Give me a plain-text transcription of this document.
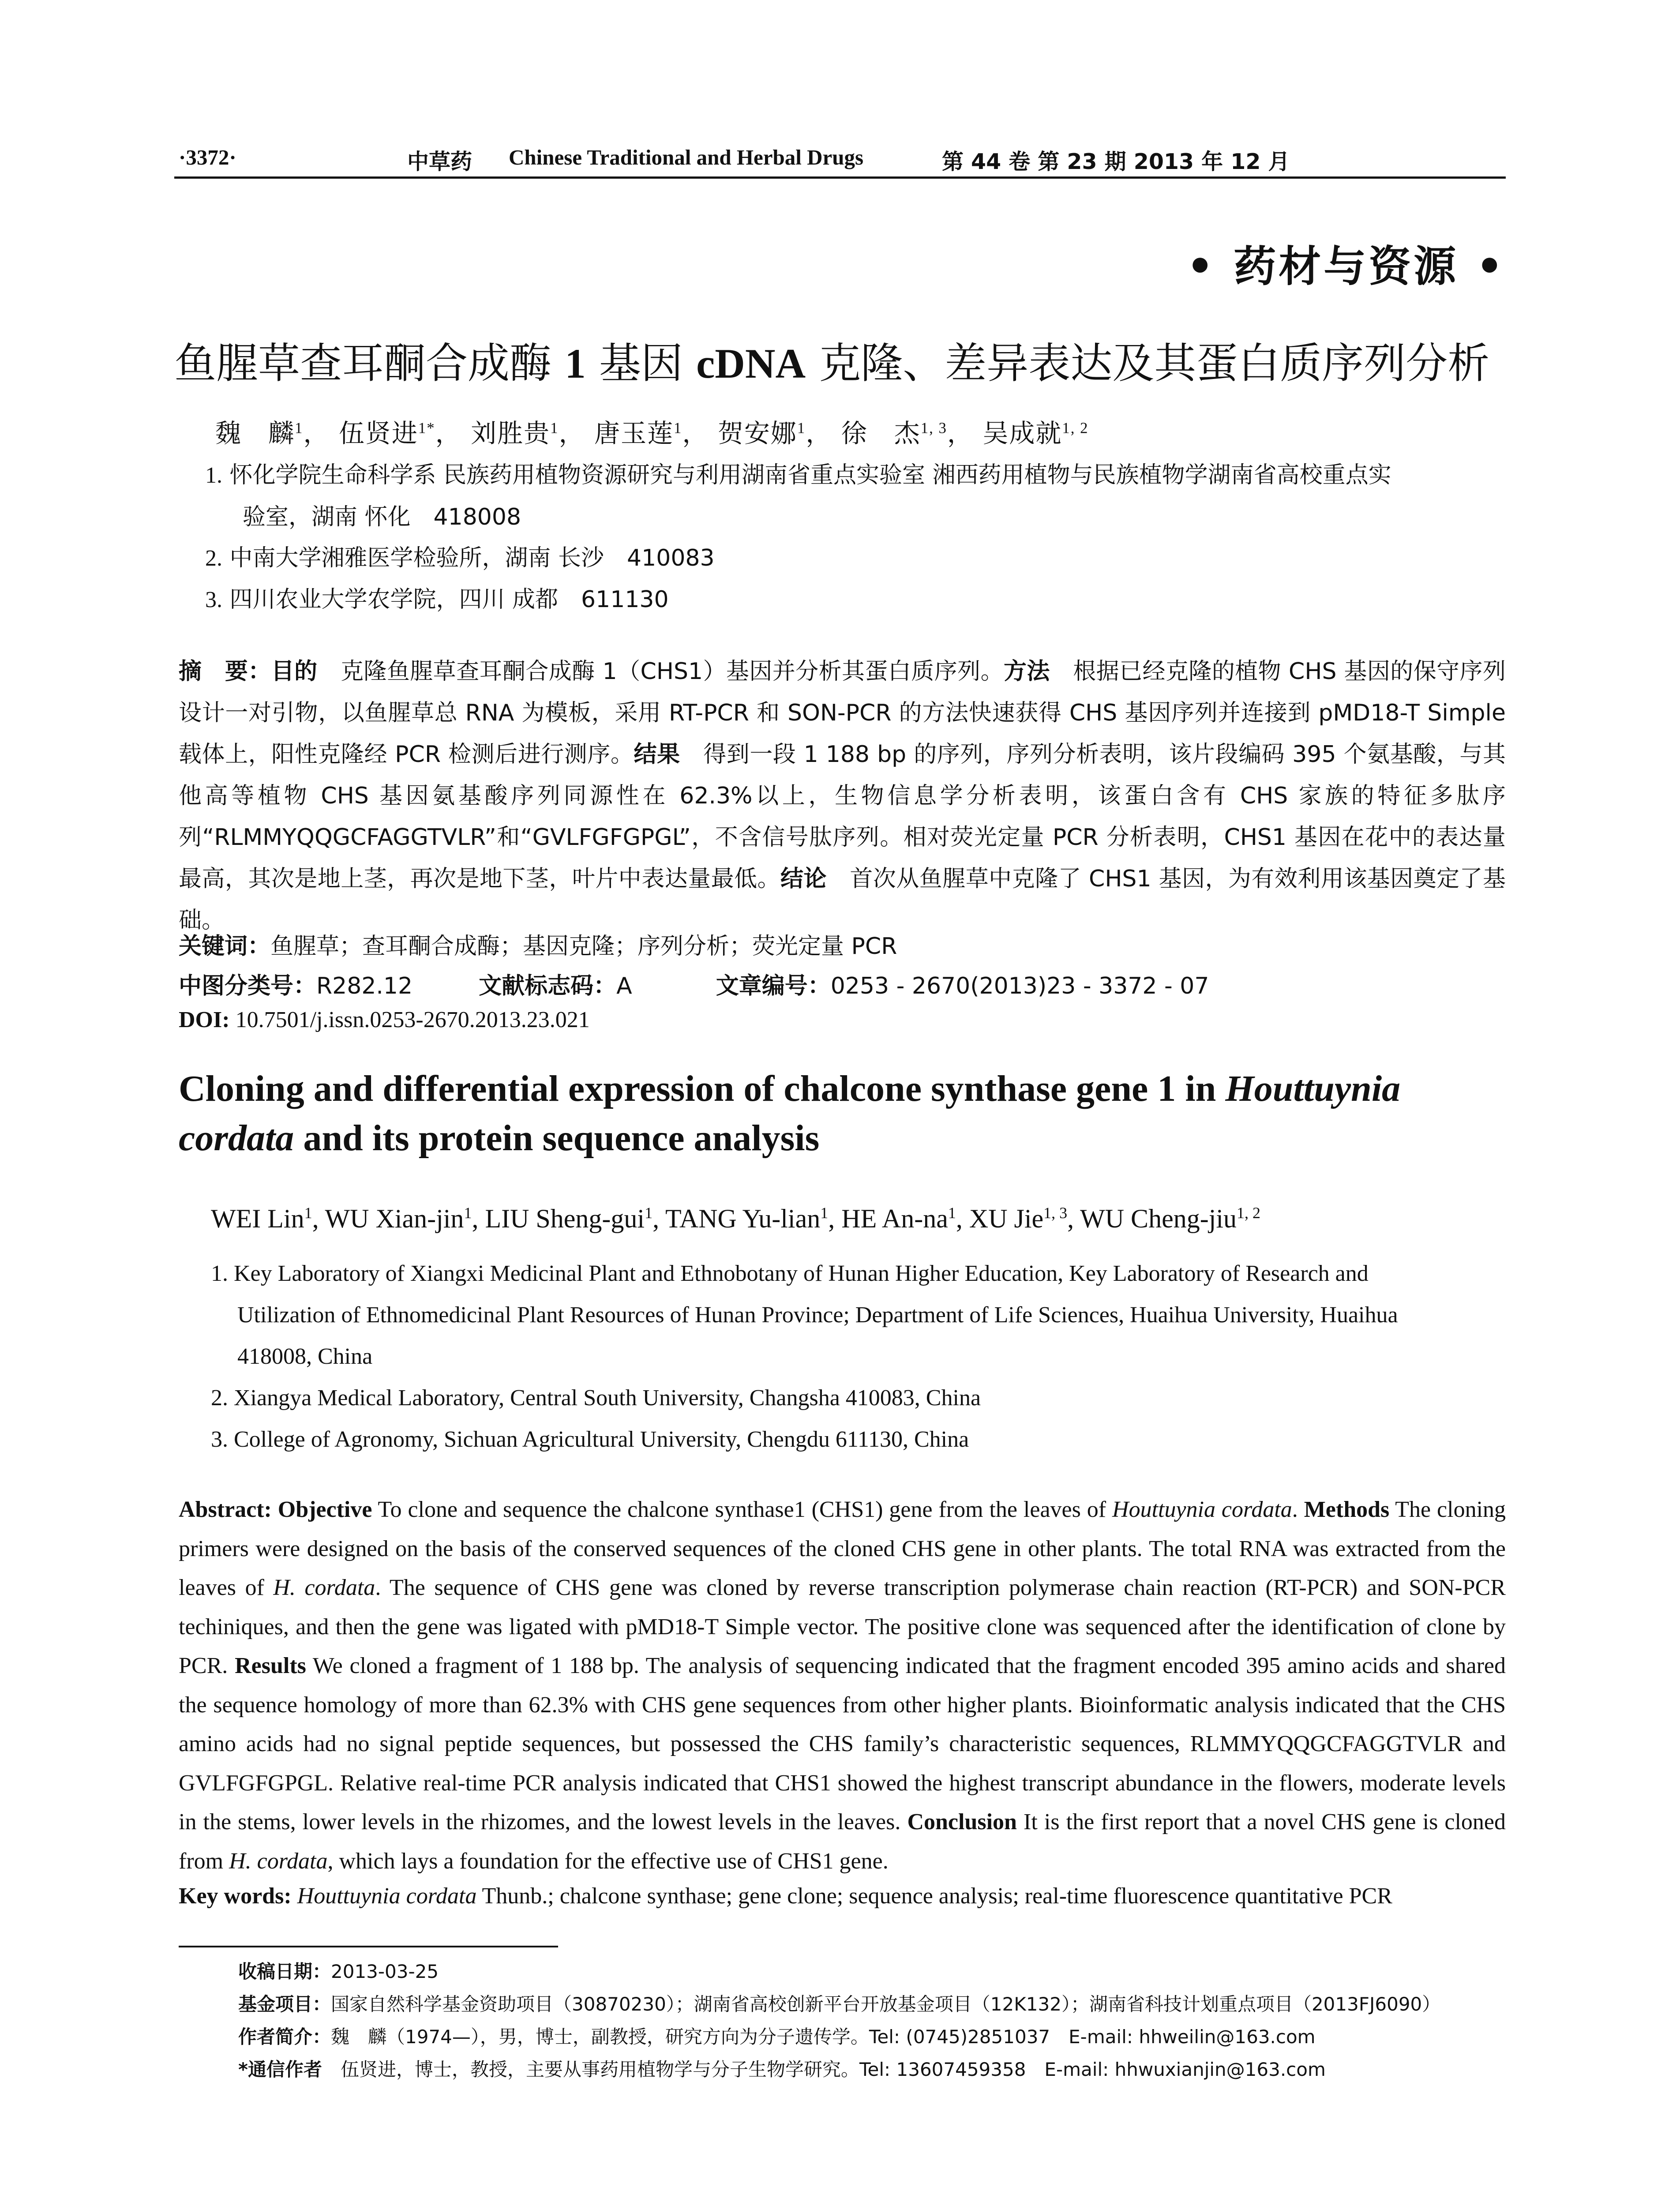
·3372·	中草药 Chinese Traditional and Herbal Drugs	第 44 卷 第 23 期 2013 年 12 月
• 药材与资源 •
鱼腥草查耳酮合成酶 1 基因 cDNA 克隆、差异表达及其蛋白质序列分析
魏　麟$^1$， 伍贤进$^{1*}$， 刘胜贵$^1$， 唐玉莲$^1$， 贺安娜$^1$， 徐　杰$^{1, 3}$， 吴成就$^{1, 2}$
1. 怀化学院生命科学系 民族药用植物资源研究与利用湖南省重点实验室 湘西药用植物与民族植物学湖南省高校重点实
验室，湖南 怀化　418008
2. 中南大学湘雅医学检验所，湖南 长沙　410083
3. 四川农业大学农学院，四川 成都　611130
摘　要：目的　克隆鱼腥草查耳酮合成酶 1（CHS1）基因并分析其蛋白质序列。方法　根据已经克隆的植物 CHS 基因的保守序列设计一对引物，以鱼腥草总 RNA 为模板，采用 RT-PCR 和 SON-PCR 的方法快速获得 CHS 基因序列并连接到 pMD18-T Simple 载体上，阳性克隆经 PCR 检测后进行测序。结果　得到一段 1 188 bp 的序列，序列分析表明，该片段编码 395 个氨基酸，与其他高等植物 CHS 基因氨基酸序列同源性在 62.3%以上，生物信息学分析表明，该蛋白含有 CHS 家族的特征多肽序列“RLMMYQQGCFAGGTVLR”和“GVLFGFGPGL”，不含信号肽序列。相对荧光定量 PCR 分析表明，CHS1 基因在花中的表达量最高，其次是地上茎，再次是地下茎，叶片中表达量最低。结论　首次从鱼腥草中克隆了 CHS1 基因，为有效利用该基因奠定了基础。
关键词：鱼腥草；查耳酮合成酶；基因克隆；序列分析；荧光定量 PCR
中图分类号：R282.12	文献标志码：A	文章编号：0253 - 2670(2013)23 - 3372 - 07
DOI: 10.7501/j.issn.0253-2670.2013.23.021
Cloning and differential expression of chalcone synthase gene 1 in Houttuynia
cordata and its protein sequence analysis
WEI Lin$^1$, WU Xian-jin$^1$, LIU Sheng-gui$^1$, TANG Yu-lian$^1$, HE $An-na^1$, XU Jie$^{1, 3}$, WU Cheng-jiu$^{1, 2}$
1. Key Laboratory of Xiangxi Medicinal Plant and Ethnobotany of Hunan Higher Education, Key Laboratory of Research and
Utilization of Ethnomedicinal Plant Resources of Hunan Province; Department of Life Sciences, Huaihua University, Huaihua
418008, China
2. Xiangya Medical Laboratory, Central South University, Changsha 410083, China
3. College of Agronomy, Sichuan Agricultural University, Chengdu 611130, China
Abstract: Objective To clone and sequence the chalcone synthase1 (CHS1) gene from the leaves of Houttuynia cordata. Methods The cloning primers were designed on the basis of the conserved sequences of the cloned CHS gene in other plants. The total RNA was extracted from the leaves of H. cordata. The sequence of CHS gene was cloned by reverse transcription polymerase chain reaction (RT-PCR) and SON-PCR techiniques, and then the gene was ligated with pMD18-T Simple vector. The positive clone was sequenced after the identification of clone by PCR. Results We cloned a fragment of 1 188 bp. The analysis of sequencing indicated that the fragment encoded 395 amino acids and shared the sequence homology of more than 62.3% with CHS gene sequences from other higher plants. Bioinformatic analysis indicated that the CHS amino acids had no signal peptide sequences, but possessed the CHS family’s characteristic sequences, RLMMYQQGCFAGGTVLR and GVLFGFGPGL. Relative real-time PCR analysis indicated that CHS1 showed the highest transcript abundance in the flowers, moderate levels in the stems, lower levels in the rhizomes, and the lowest levels in the leaves. Conclusion It is the first report that a novel CHS gene is cloned from H. cordata, which lays a foundation for the effective use of CHS1 gene.
Key words: Houttuynia cordata Thunb.; chalcone synthase; gene clone; sequence analysis; real-time fluorescence quantitative PCR
收稿日期：2013-03-25
基金项目：国家自然科学基金资助项目（30870230）；湖南省高校创新平台开放基金项目（12K132）；湖南省科技计划重点项目（2013FJ6090）
作者简介：魏　麟（1974—），男，博士，副教授，研究方向为分子遗传学。Tel: (0745)2851037　E-mail: hhweilin@163.com
*通信作者　伍贤进，博士，教授，主要从事药用植物学与分子生物学研究。Tel: 13607459358　E-mail: hhwuxianjin@163.com
